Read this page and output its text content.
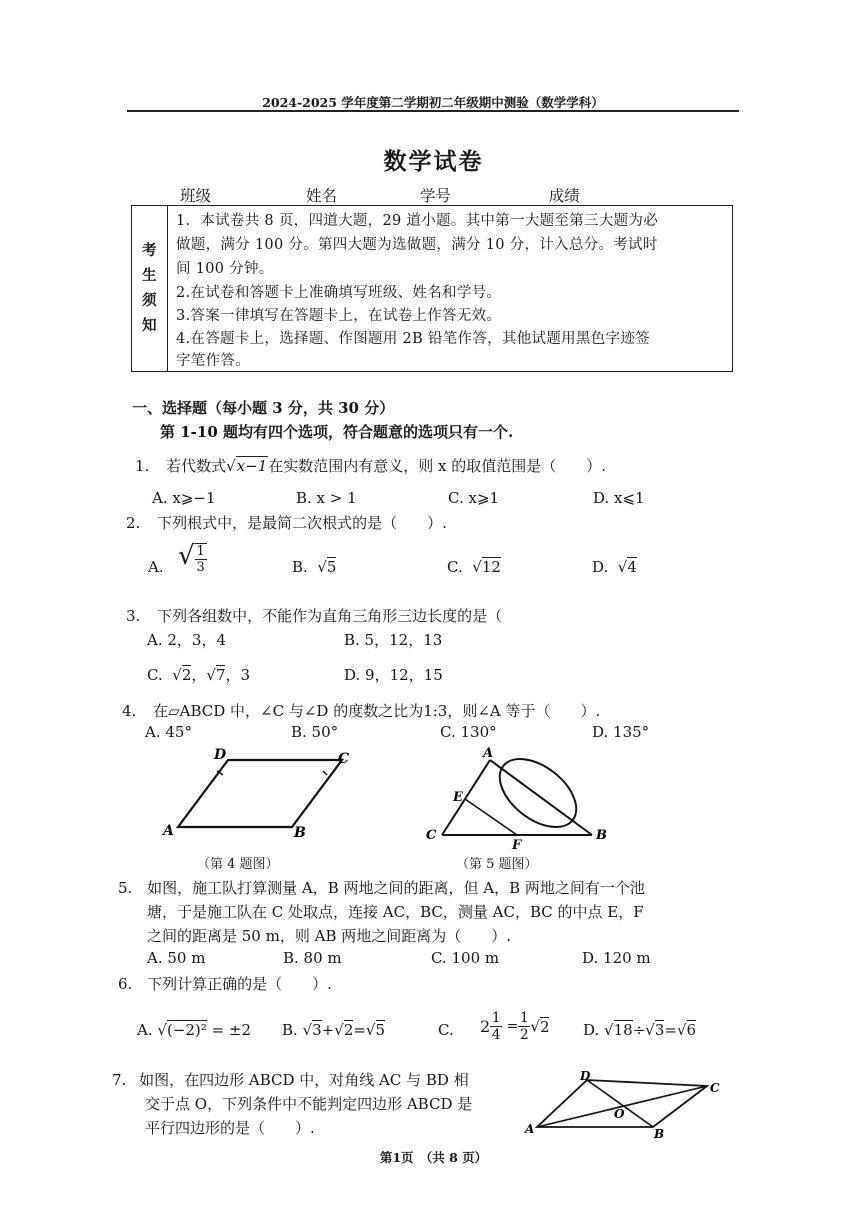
2024-2025 学年度第二学期初二年级期中测验（数学学科）
数学试卷
班级	姓名	学号	成绩
考
生
须
知
1．本试卷共 8 页，四道大题，29 道小题。其中第一大题至第三大题为必
做题，满分 100 分。第四大题为选做题，满分 10 分，计入总分。考试时
间 100 分钟。
2.在试卷和答题卡上准确填写班级、姓名和学号。
3.答案一律填写在答题卡上，在试卷上作答无效。
4.在答题卡上，选择题、作图题用 2B 铅笔作答，其他试题用黑色字迹签
字笔作答。
一、选择题（每小题 3 分，共 30 分）
第 1-10 题均有四个选项，符合题意的选项只有一个.
1. 若代数式√x−1在实数范围内有意义，则 x 的取值范围是（　　）.
A. x⩾−1	B. x > 1	C. x⩾1	D. x⩽1
2. 下列根式中，是最简二次根式的是（　　）.
A. √ $\frac{1}{3}$	B.  √5	C.  √12	D.  √4
3. 下列各组数中，不能作为直角三角形三边长度的是（
A. 2，3，4	B. 5，12，13
C.  √2，√7，3	D. 9，12，15
4. 在▱ABCD 中，∠C 与∠D 的度数之比为1:3，则∠A 等于（　　）.
A. 45°	B. 50°	C. 130°	D. 135°
A	B
C
D
（第 4 题图）
A
B
C
E
F
（第 5 题图）
5. 如图，施工队打算测量 A，B 两地之间的距离，但 A，B 两地之间有一个池
塘，于是施工队在 C 处取点，连接 AC，BC，测量 AC，BC 的中点 E，F
之间的距离是 50 m，则 AB 两地之间距离为（　　）.
A. 50 m	B. 80 m	C. 100 m	D. 120 m
6. 下列计算正确的是（　　）.
A. √(−2)² = ±2 B. √3+√2=√5	C. $2 \frac{1}{4} = \frac{1}{2} √2$ D. √18÷√3=√6
7. 如图，在四边形 ABCD 中，对角线 AC 与 BD 相
交于点 O，下列条件中不能判定四边形 ABCD 是
平行四边形的是（　　）.	A	B
C
D
O
第1页　（共 8 页）
